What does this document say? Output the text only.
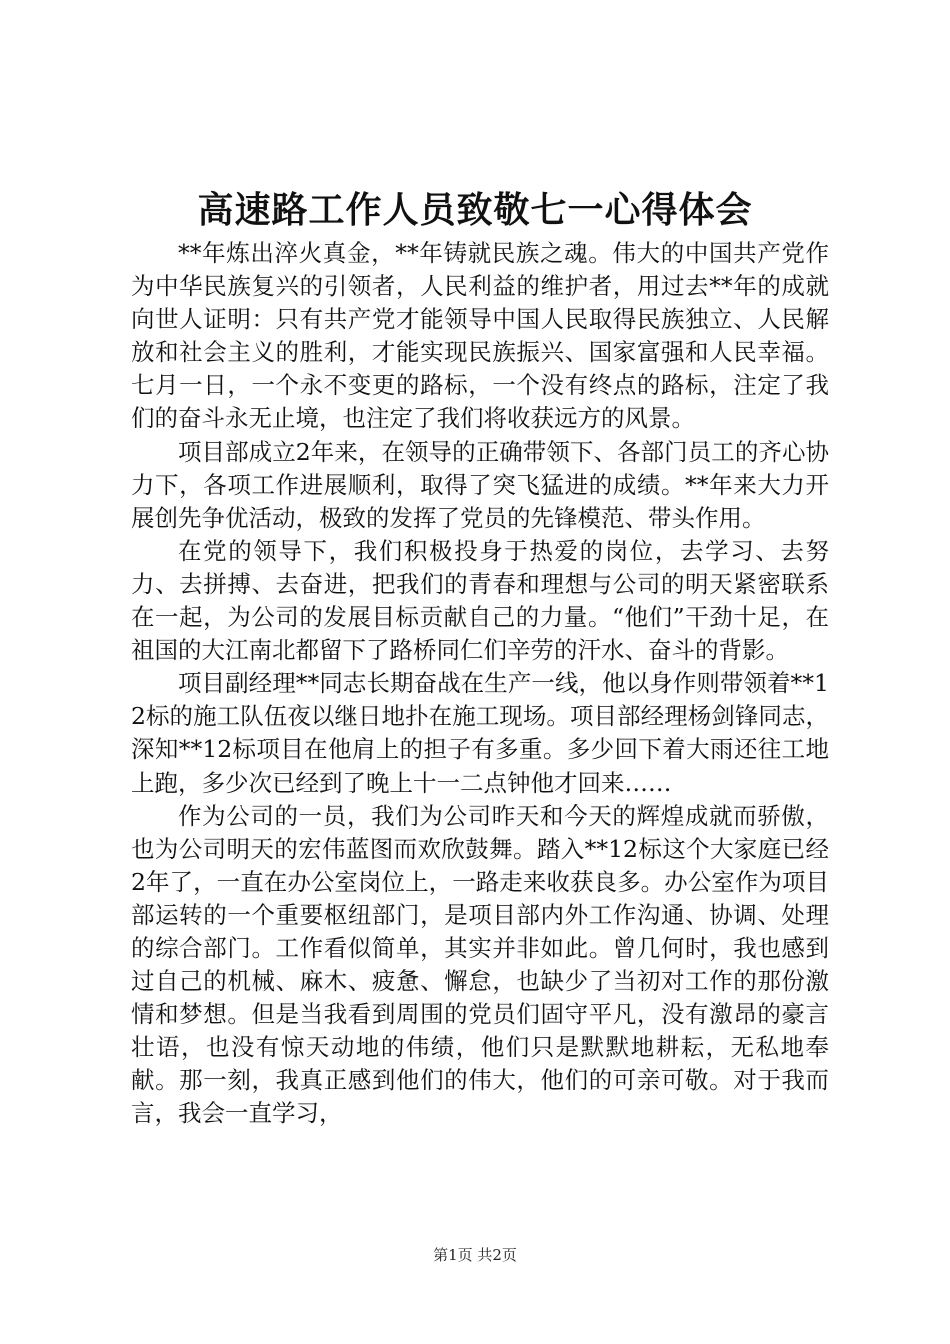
高速路工作人员致敬七一心得体会

**年炼出淬火真金，**年铸就民族之魂。伟大的中国共产党作为中华民族复兴的引领者，人民利益的维护者，用过去**年的成就向世人证明：只有共产党才能领导中国人民取得民族独立、人民解放和社会主义的胜利，才能实现民族振兴、国家富强和人民幸福。七月一日，一个永不变更的路标，一个没有终点的路标，注定了我们的奋斗永无止境，也注定了我们将收获远方的风景。

项目部成立2年来，在领导的正确带领下、各部门员工的齐心协力下，各项工作进展顺利，取得了突飞猛进的成绩。**年来大力开展创先争优活动，极致的发挥了党员的先锋模范、带头作用。

在党的领导下，我们积极投身于热爱的岗位，去学习、去努力、去拼搏、去奋进，把我们的青春和理想与公司的明天紧密联系在一起，为公司的发展目标贡献自己的力量。“他们”干劲十足，在祖国的大江南北都留下了路桥同仁们辛劳的汗水、奋斗的背影。

项目副经理**同志长期奋战在生产一线，他以身作则带领着**12标的施工队伍夜以继日地扑在施工现场。项目部经理杨剑锋同志，深知**12标项目在他肩上的担子有多重。多少回下着大雨还往工地上跑，多少次已经到了晚上十一二点钟他才回来……

作为公司的一员，我们为公司昨天和今天的辉煌成就而骄傲，也为公司明天的宏伟蓝图而欢欣鼓舞。踏入**12标这个大家庭已经2年了，一直在办公室岗位上，一路走来收获良多。办公室作为项目部运转的一个重要枢纽部门，是项目部内外工作沟通、协调、处理的综合部门。工作看似简单，其实并非如此。曾几何时，我也感到过自己的机械、麻木、疲惫、懈怠，也缺少了当初对工作的那份激情和梦想。但是当我看到周围的党员们固守平凡，没有激昂的豪言壮语，也没有惊天动地的伟绩，他们只是默默地耕耘，无私地奉献。那一刻，我真正感到他们的伟大，他们的可亲可敬。对于我而言，我会一直学习，

第1页 共2页
